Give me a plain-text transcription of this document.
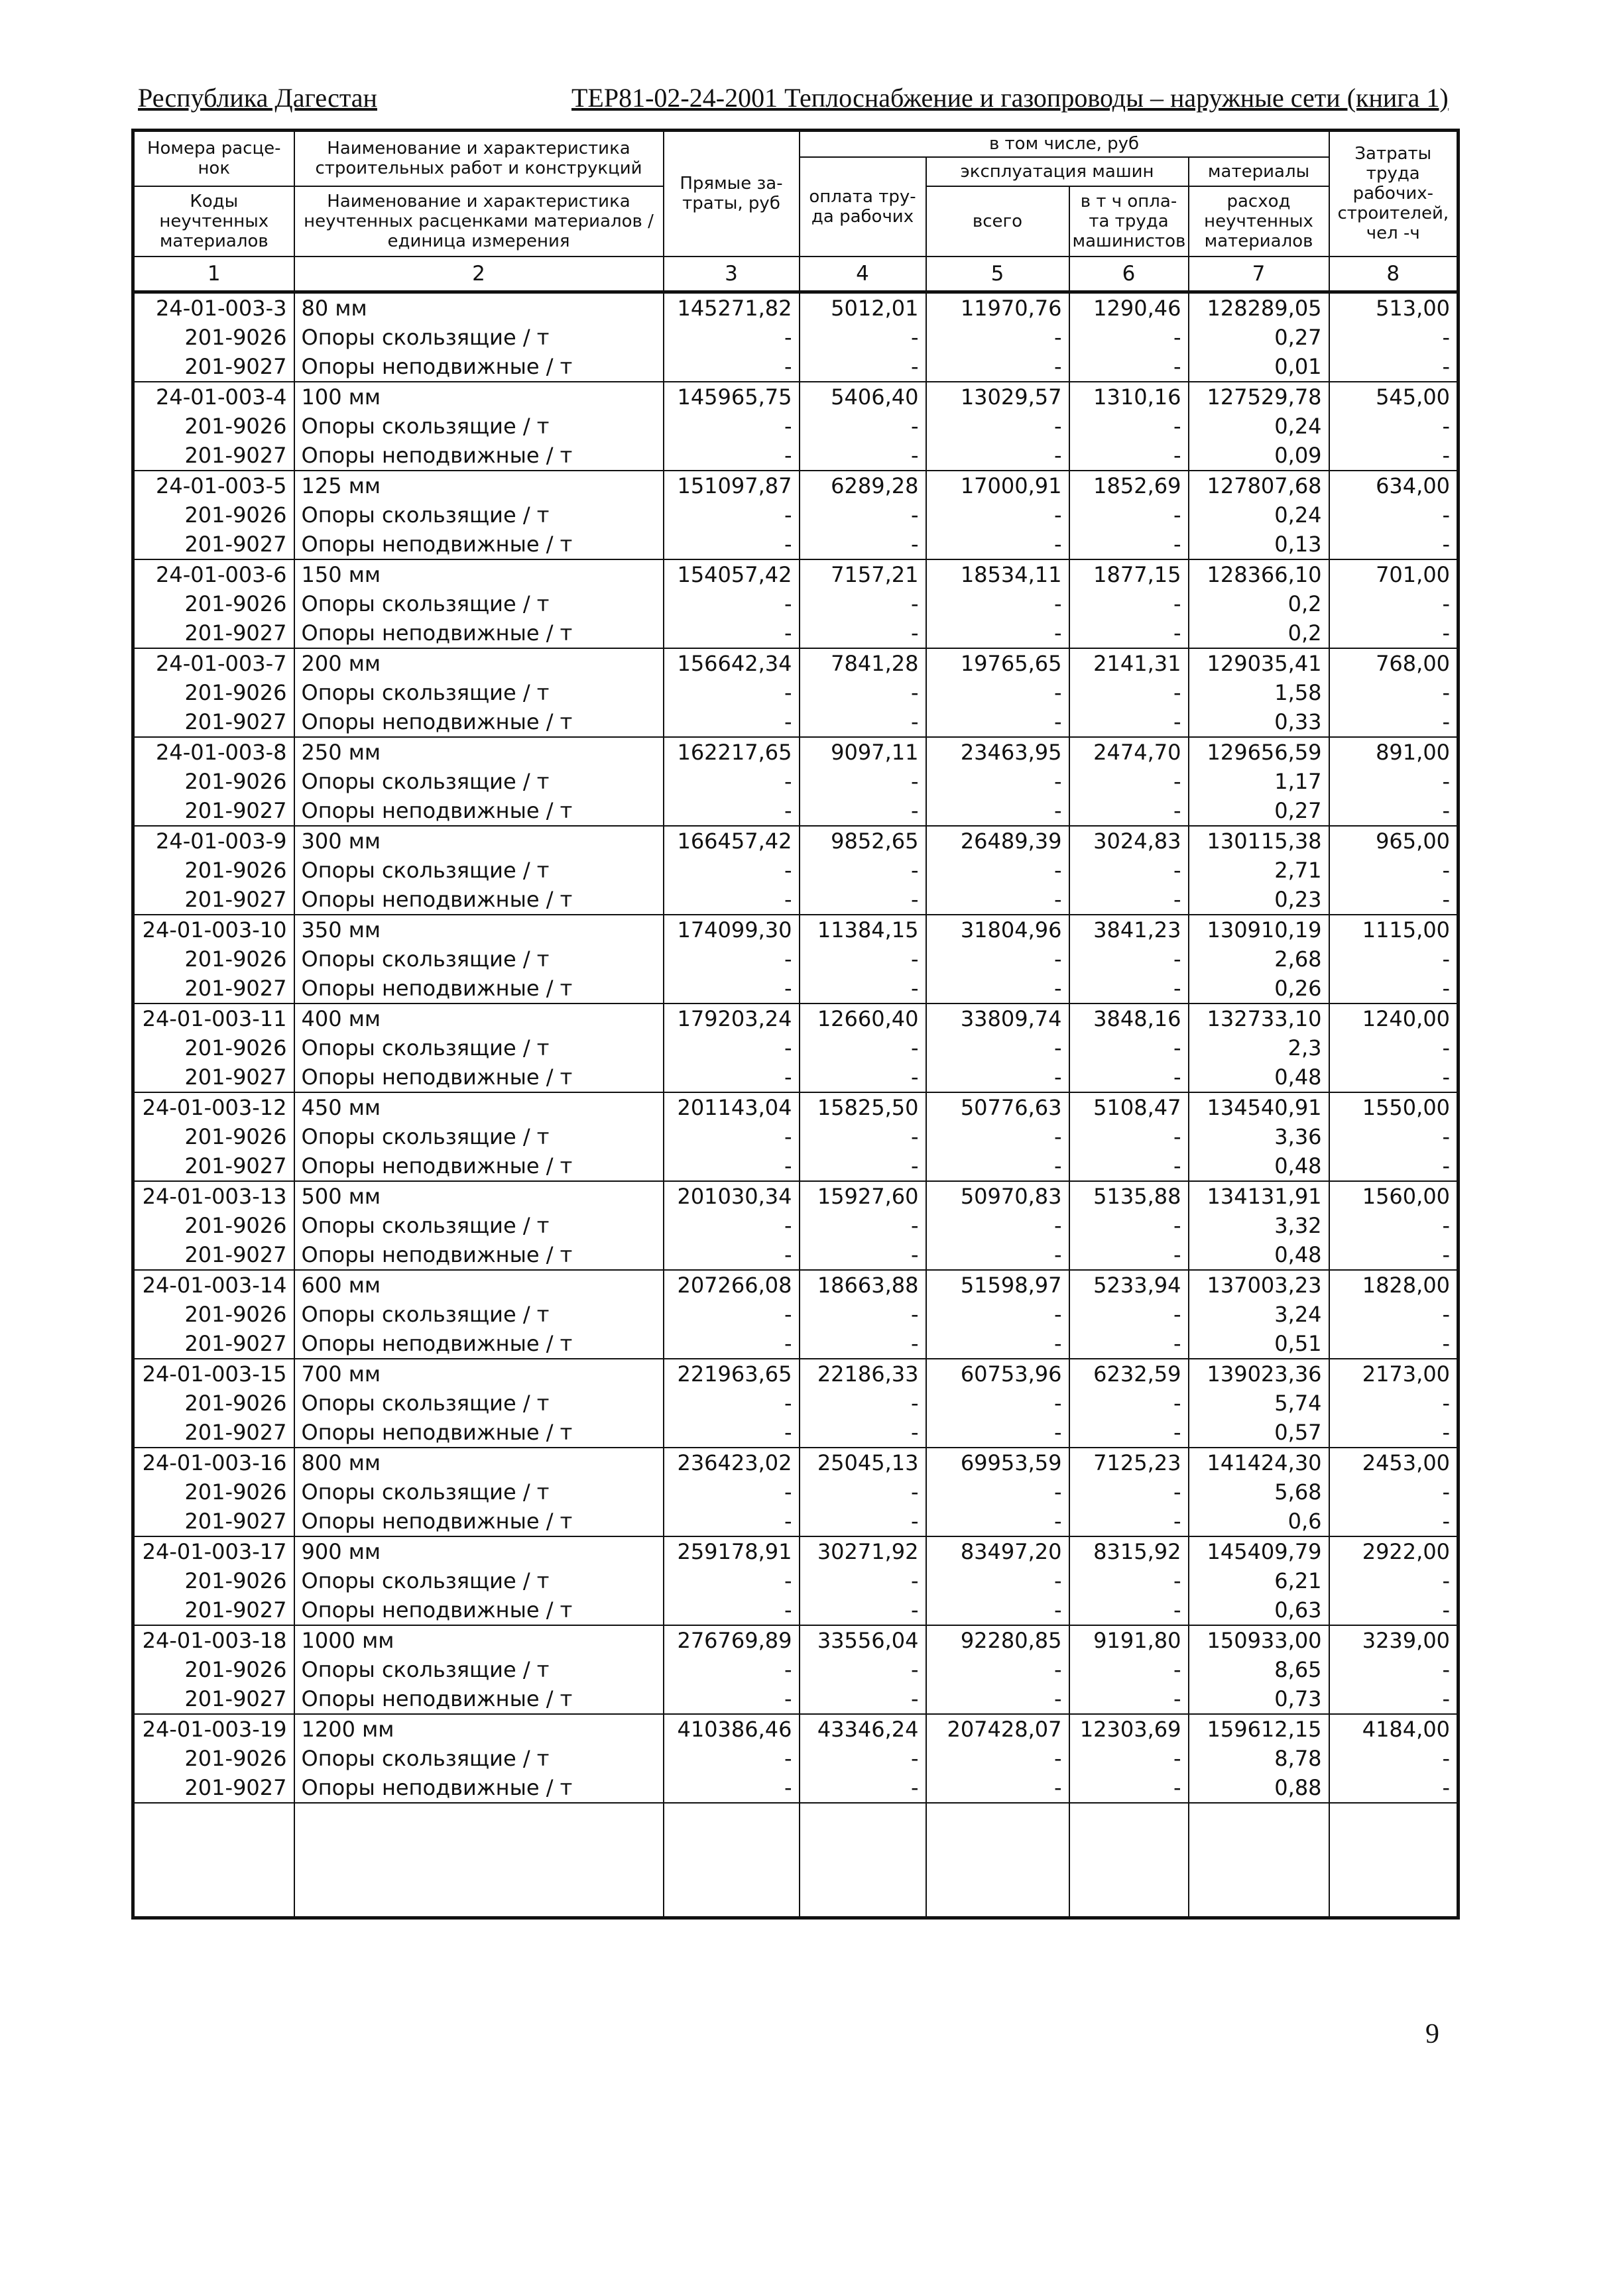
Республика Дагестан	ТЕР81-02-24-2001 Теплоснабжение и газопроводы – наружные сети (книга 1)
Номера расце-нок	Наименование и характеристика строительных работ и конструкций	Прямые за-траты, руб	в том числе, руб				Затраты труда рабочих-строителей, чел -ч
			оплата тру-да рабочих	эксплуатация машин		материалы	
Коды неучтенных материалов	Наименование и характеристика неучтенных расценками материалов / единица измерения			всего	в т ч опла-та труда машинистов	расход неучтенных материалов	

1	2	3	4	5	6	7	8
24-01-003-3	80 мм	145271,82	5012,01	11970,76	1290,46	128289,05	513,00
201-9026	Опоры скользящие / т	-	-	-	-	0,27	-
201-9027	Опоры неподвижные / т	-	-	-	-	0,01	-
24-01-003-4	100 мм	145965,75	5406,40	13029,57	1310,16	127529,78	545,00
201-9026	Опоры скользящие / т	-	-	-	-	0,24	-
201-9027	Опоры неподвижные / т	-	-	-	-	0,09	-
24-01-003-5	125 мм	151097,87	6289,28	17000,91	1852,69	127807,68	634,00
201-9026	Опоры скользящие / т	-	-	-	-	0,24	-
201-9027	Опоры неподвижные / т	-	-	-	-	0,13	-
24-01-003-6	150 мм	154057,42	7157,21	18534,11	1877,15	128366,10	701,00
201-9026	Опоры скользящие / т	-	-	-	-	0,2	-
201-9027	Опоры неподвижные / т	-	-	-	-	0,2	-
24-01-003-7	200 мм	156642,34	7841,28	19765,65	2141,31	129035,41	768,00
201-9026	Опоры скользящие / т	-	-	-	-	1,58	-
201-9027	Опоры неподвижные / т	-	-	-	-	0,33	-
24-01-003-8	250 мм	162217,65	9097,11	23463,95	2474,70	129656,59	891,00
201-9026	Опоры скользящие / т	-	-	-	-	1,17	-
201-9027	Опоры неподвижные / т	-	-	-	-	0,27	-
24-01-003-9	300 мм	166457,42	9852,65	26489,39	3024,83	130115,38	965,00
201-9026	Опоры скользящие / т	-	-	-	-	2,71	-
201-9027	Опоры неподвижные / т	-	-	-	-	0,23	-
24-01-003-10	350 мм	174099,30	11384,15	31804,96	3841,23	130910,19	1115,00
201-9026	Опоры скользящие / т	-	-	-	-	2,68	-
201-9027	Опоры неподвижные / т	-	-	-	-	0,26	-
24-01-003-11	400 мм	179203,24	12660,40	33809,74	3848,16	132733,10	1240,00
201-9026	Опоры скользящие / т	-	-	-	-	2,3	-
201-9027	Опоры неподвижные / т	-	-	-	-	0,48	-
24-01-003-12	450 мм	201143,04	15825,50	50776,63	5108,47	134540,91	1550,00
201-9026	Опоры скользящие / т	-	-	-	-	3,36	-
201-9027	Опоры неподвижные / т	-	-	-	-	0,48	-
24-01-003-13	500 мм	201030,34	15927,60	50970,83	5135,88	134131,91	1560,00
201-9026	Опоры скользящие / т	-	-	-	-	3,32	-
201-9027	Опоры неподвижные / т	-	-	-	-	0,48	-
24-01-003-14	600 мм	207266,08	18663,88	51598,97	5233,94	137003,23	1828,00
201-9026	Опоры скользящие / т	-	-	-	-	3,24	-
201-9027	Опоры неподвижные / т	-	-	-	-	0,51	-
24-01-003-15	700 мм	221963,65	22186,33	60753,96	6232,59	139023,36	2173,00
201-9026	Опоры скользящие / т	-	-	-	-	5,74	-
201-9027	Опоры неподвижные / т	-	-	-	-	0,57	-
24-01-003-16	800 мм	236423,02	25045,13	69953,59	7125,23	141424,30	2453,00
201-9026	Опоры скользящие / т	-	-	-	-	5,68	-
201-9027	Опоры неподвижные / т	-	-	-	-	0,6	-
24-01-003-17	900 мм	259178,91	30271,92	83497,20	8315,92	145409,79	2922,00
201-9026	Опоры скользящие / т	-	-	-	-	6,21	-
201-9027	Опоры неподвижные / т	-	-	-	-	0,63	-
24-01-003-18	1000 мм	276769,89	33556,04	92280,85	9191,80	150933,00	3239,00
201-9026	Опоры скользящие / т	-	-	-	-	8,65	-
201-9027	Опоры неподвижные / т	-	-	-	-	0,73	-
24-01-003-19	1200 мм	410386,46	43346,24	207428,07	12303,69	159612,15	4184,00
201-9026	Опоры скользящие / т	-	-	-	-	8,78	-
201-9027	Опоры неподвижные / т	-	-	-	-	0,88	-

9
